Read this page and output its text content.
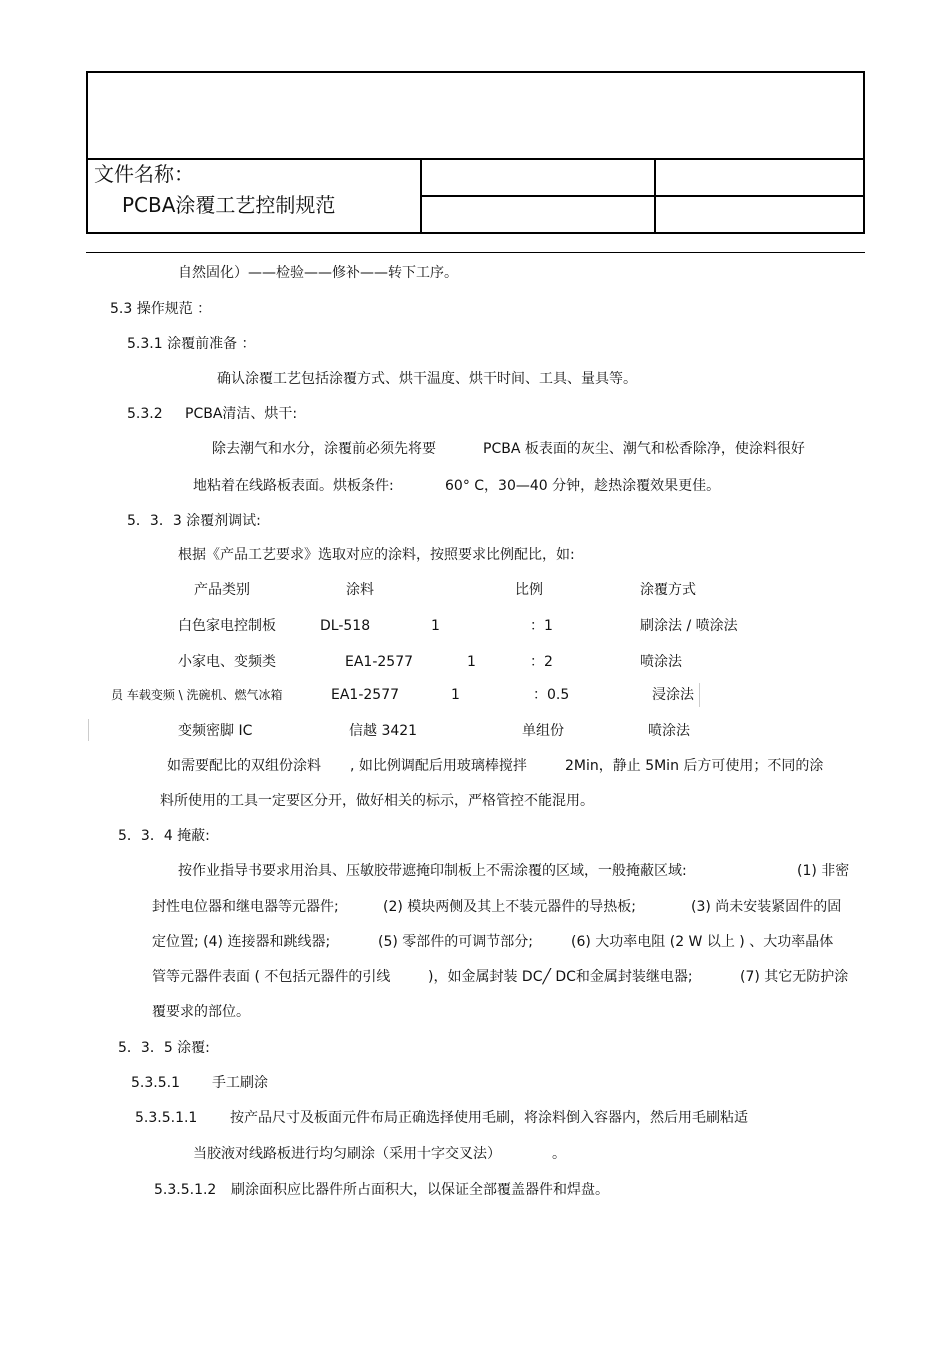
文件名称：
PCBA涂覆工艺控制规范
自然固化）——检验——修补——转下工序。
5.3 操作规范 ：
5.3.1 涂覆前准备 ：
确认涂覆工艺包括涂覆方式、烘干温度、烘干时间、工具、量具等。
5.3.2 PCBA清洁、烘干:
除去潮气和水分，涂覆前必须先将要	PCBA 板表面的灰尘、潮气和松香除净，使涂料很好
地粘着在线路板表面。烘板条件:	60° C，30—40 分钟，趁热涂覆效果更佳。
5．3．3 涂覆剂调试:
根据《产品工艺要求》选取对应的涂料，按照要求比例配比，如:
产品类别	涂料	比例	涂覆方式
白色家电控制板	DL-518	1	：1	刷涂法 / 喷涂法
小家电、变频类	EA1-2577	1	：2	喷涂法
员 车载变频 \ 洗碗机、燃气冰箱	EA1-2577	1	：0.5	浸涂法
变频密脚 IC	信越 3421	单组份	喷涂法
如需要配比的双组份涂料 , 如比例调配后用玻璃棒搅拌	2Min，静止 5Min 后方可使用；不同的涂
料所使用的工具一定要区分开，做好相关的标示，严格管控不能混用。
5．3．4 掩蔽:
按作业指导书要求用治具、压敏胶带遮掩印制板上不需涂覆的区域，一般掩蔽区域:	(1) 非密
封性电位器和继电器等元器件;	(2) 模块两侧及其上不装元器件的导热板;	(3) 尚未安装紧固件的固
定位置; (4) 连接器和跳线器;	(5) 零部件的可调节部分;	(6) 大功率电阻 (2 W 以上 ) 、大功率晶体
管等元器件表面 ( 不包括元器件的引线	)，如金属封装 DC╱ DC和金属封装继电器;	(7) 其它无防护涂
覆要求的部位。
5．3．5 涂覆:
5.3.5.1 手工刷涂
5.3.5.1.1 按产品尺寸及板面元件布局正确选择使用毛刷，将涂料倒入容器内，然后用毛刷粘适
当胶液对线路板进行均匀刷涂（采用十字交叉法）	。
5.3.5.1.2 刷涂面积应比器件所占面积大，以保证全部覆盖器件和焊盘。
